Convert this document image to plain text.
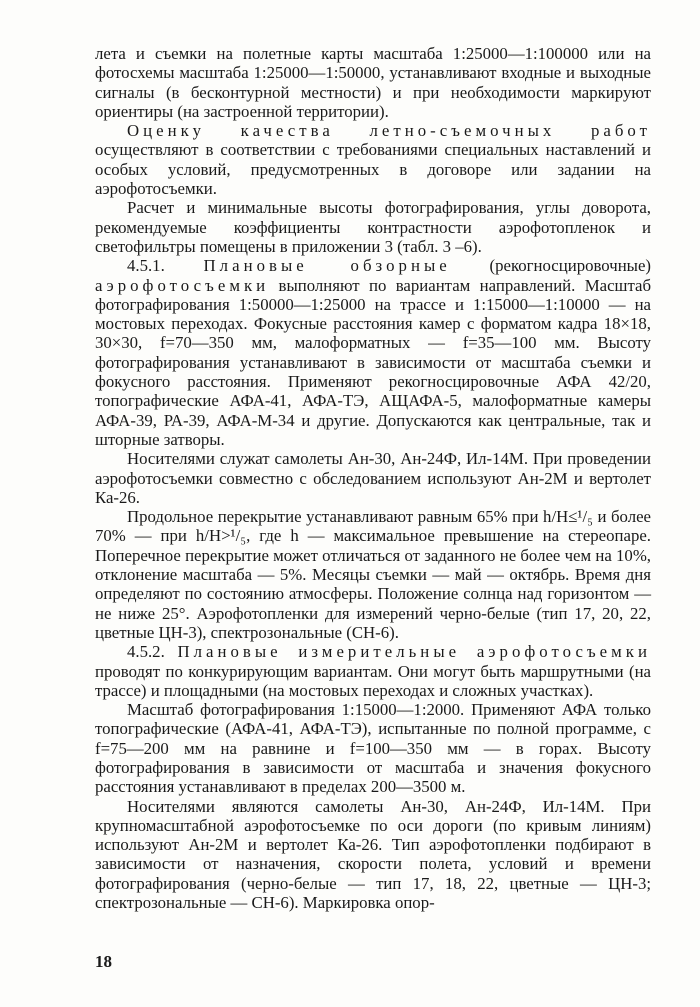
лета и съемки на полетные карты масштаба 1:25000—1:100000 или на фотосхемы масштаба 1:25000—1:50000, устанавливают входные и выходные сигналы (в бесконтурной местности) и при необходимости маркируют ориентиры (на застроенной территории).

Оценку качества летно-съемочных работ осуществляют в соответствии с требованиями специальных наставлений и особых условий, предусмотренных в договоре или задании на аэрофотосъемки.

Расчет и минимальные высоты фотографирования, углы доворота, рекомендуемые коэффициенты контрастности аэрофотопленок и светофильтры помещены в приложении 3 (табл. 3 –6).

4.5.1. Плановые обзорные (рекогносцировочные) аэрофотосъемки выполняют по вариантам направлений. Масштаб фотографирования 1:50000—1:25000 на трассе и 1:15000—1:10000 — на мостовых переходах. Фокусные расстояния камер с форматом кадра 18×18, 30×30, f=70—350 мм, малоформатных — f=35—100 мм. Высоту фотографирования устанавливают в зависимости от масштаба съемки и фокусного расстояния. Применяют рекогносцировочные АФА 42/20, топографические АФА-41, АФА-ТЭ, АЩАФА-5, малоформатные камеры АФА-39, РА-39, АФА-М-34 и другие. Допускаются как центральные, так и шторные затворы.

Носителями служат самолеты Ан-30, Ан-24Ф, Ил-14М. При проведении аэрофотосъемки совместно с обследованием используют Ан-2М и вертолет Ка-26.

Продольное перекрытие устанавливают равным 65% при h/H≤¹/₅ и более 70% — при h/H>¹/₅, где h — максимальное превышение на стереопаре. Поперечное перекрытие может отличаться от заданного не более чем на 10%, отклонение масштаба — 5%. Месяцы съемки — май — октябрь. Время дня определяют по состоянию атмосферы. Положение солнца над горизонтом — не ниже 25°. Аэрофотопленки для измерений черно-белые (тип 17, 20, 22, цветные ЦН-3), спектрозональные (СН-6).

4.5.2. Плановые измерительные аэрофотосъемки проводят по конкурирующим вариантам. Они могут быть маршрутными (на трассе) и площадными (на мостовых переходах и сложных участках).

Масштаб фотографирования 1:15000—1:2000. Применяют АФА только топографические (АФА-41, АФА-ТЭ), испытанные по полной программе, с f=75—200 мм на равнине и f=100—350 мм — в горах. Высоту фотографирования в зависимости от масштаба и значения фокусного расстояния устанавливают в пределах 200—3500 м.

Носителями являются самолеты Ан-30, Ан-24Ф, Ил-14М. При крупномасштабной аэрофотосъемке по оси дороги (по кривым линиям) используют Ан-2М и вертолет Ка-26. Тип аэрофотопленки подбирают в зависимости от назначения, скорости полета, условий и времени фотографирования (черно-белые — тип 17, 18, 22, цветные — ЦН-3; спектрозональные — СН-6). Маркировка опор-

18
